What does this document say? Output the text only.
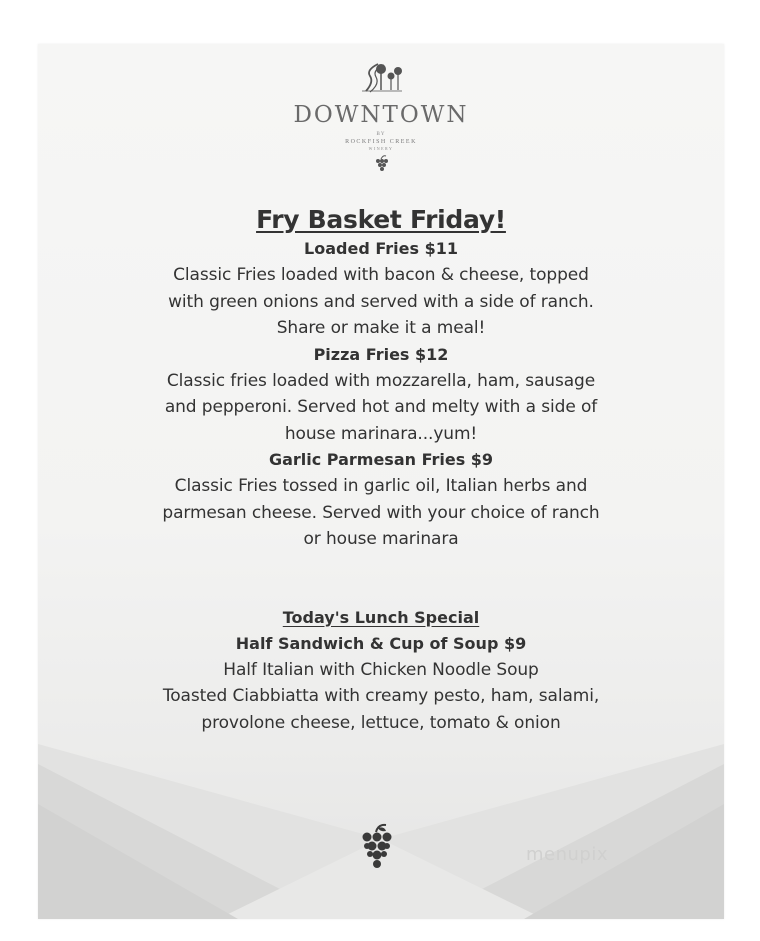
DOWNTOWN
BY
ROCKFISH CREEK
WINERY
Fry Basket Friday!
Loaded Fries $11
Classic Fries loaded with bacon & cheese, topped
with green onions and served with a side of ranch.
Share or make it a meal!
Pizza Fries $12
Classic fries loaded with mozzarella, ham, sausage
and pepperoni. Served hot and melty with a side of
house marinara...yum!
Garlic Parmesan Fries $9
Classic Fries tossed in garlic oil, Italian herbs and
parmesan cheese. Served with your choice of ranch
or house marinara
Today's Lunch Special
Half Sandwich & Cup of Soup $9
Half Italian with Chicken Noodle Soup
Toasted Ciabbiatta with creamy pesto, ham, salami,
provolone cheese, lettuce, tomato & onion
menupix
